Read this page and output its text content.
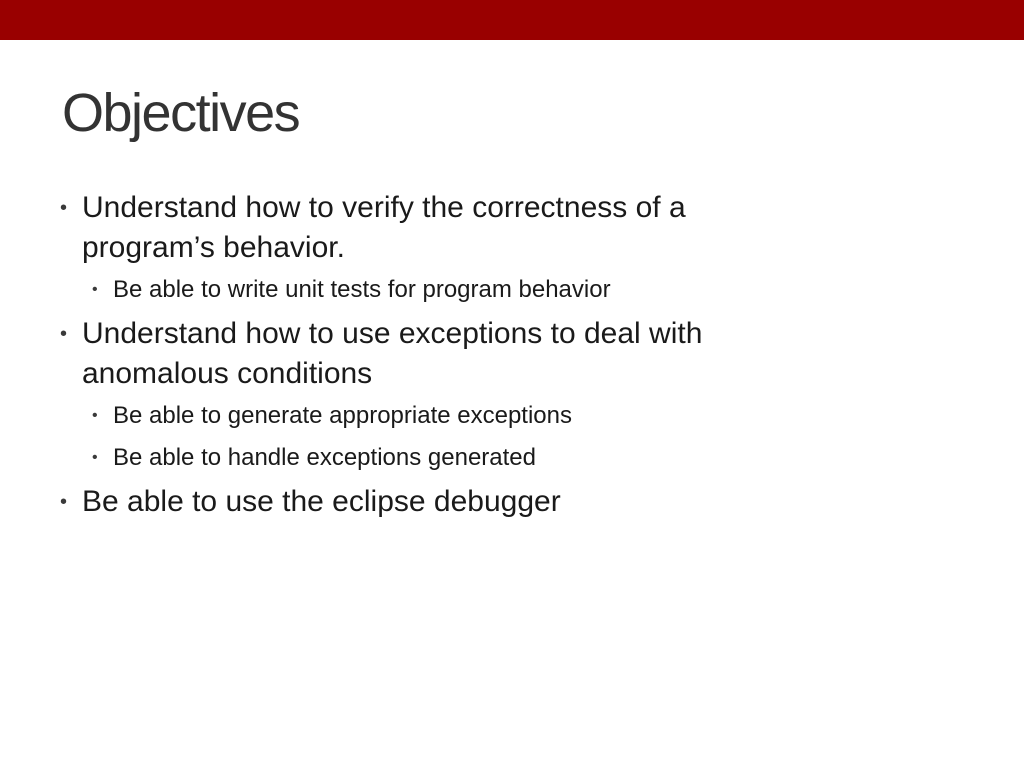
Objectives
• Understand how to verify the correctness of a program’s behavior.
• Be able to write unit tests for program behavior
• Understand how to use exceptions to deal with anomalous conditions
• Be able to generate appropriate exceptions
• Be able to handle exceptions generated
• Be able to use the eclipse debugger
